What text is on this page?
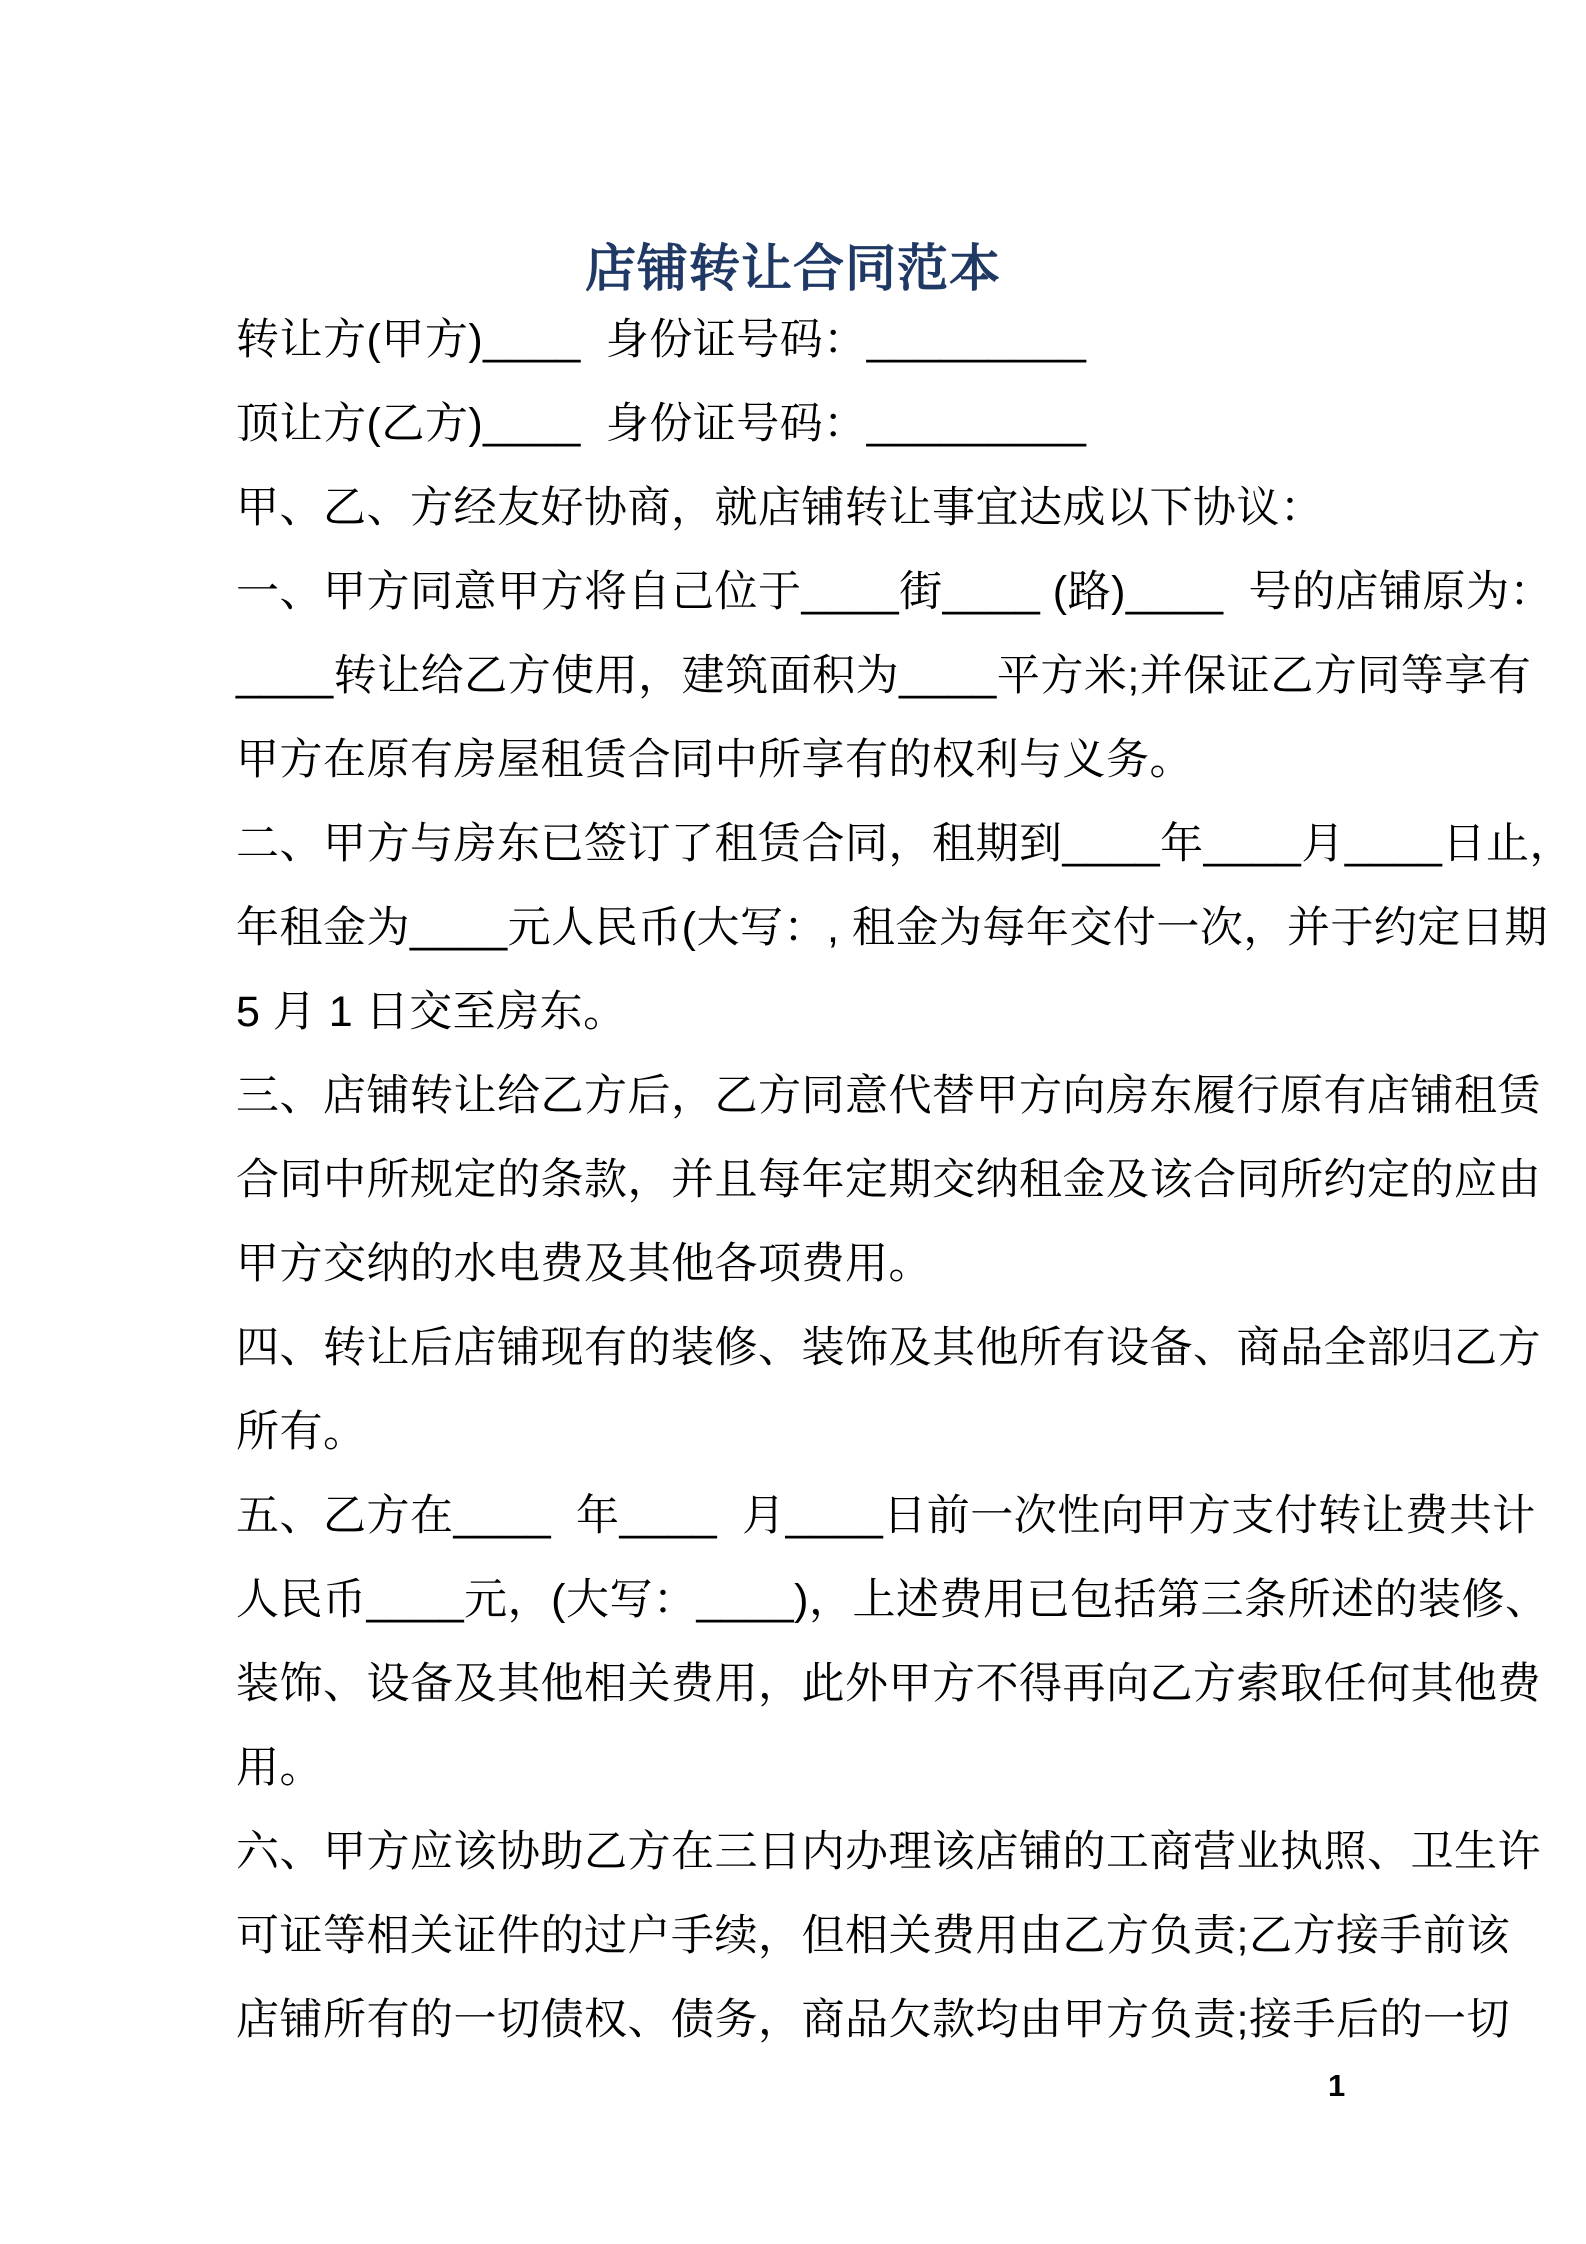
店铺转让合同范本
转让方(甲方)____  身份证号码：_________
顶让方(乙方)____  身份证号码：_________
甲、乙、方经友好协商，就店铺转让事宜达成以下协议：
一、甲方同意甲方将自己位于____街____ (路)____  号的店铺原为：
____转让给乙方使用，建筑面积为____平方米;并保证乙方同等享有
甲方在原有房屋租赁合同中所享有的权利与义务。
二、甲方与房东已签订了租赁合同，租期到____年____月____日止，
年租金为____元人民币(大写：, 租金为每年交付一次，并于约定日期
5 月 1 日交至房东。
三、店铺转让给乙方后，乙方同意代替甲方向房东履行原有店铺租赁
合同中所规定的条款，并且每年定期交纳租金及该合同所约定的应由
甲方交纳的水电费及其他各项费用。
四、转让后店铺现有的装修、装饰及其他所有设备、商品全部归乙方
所有。
五、乙方在____  年____  月____日前一次性向甲方支付转让费共计
人民币____元，(大写：____)，上述费用已包括第三条所述的装修、
装饰、设备及其他相关费用，此外甲方不得再向乙方索取任何其他费
用。
六、甲方应该协助乙方在三日内办理该店铺的工商营业执照、卫生许
可证等相关证件的过户手续，但相关费用由乙方负责;乙方接手前该
店铺所有的一切债权、债务，商品欠款均由甲方负责;接手后的一切
1
